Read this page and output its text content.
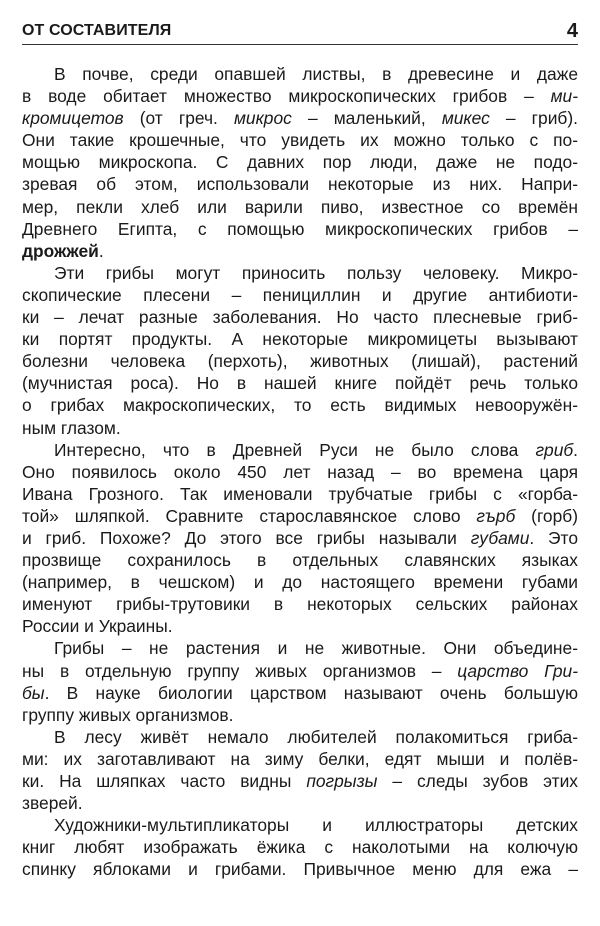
ОТ СОСТАВИТЕЛЯ	4
В почве, среди опавшей листвы, в древесине и даже
в воде обитает множество микроскопических грибов – ми-
кромицетов (от греч. микрос – маленький, микес – гриб).
Они такие крошечные, что увидеть их можно только с по-
мощью микроскопа. С давних пор люди, даже не подо-
зревая об этом, использовали некоторые из них. Напри-
мер, пекли хлеб или варили пиво, известное со времён
Древнего Египта, с помощью микроскопических грибов –
дрожжей.
Эти грибы могут приносить пользу человеку. Микро-
скопические плесени – пенициллин и другие антибиоти-
ки – лечат разные заболевания. Но часто плесневые гриб-
ки портят продукты. А некоторые микромицеты вызывают
болезни человека (перхоть), животных (лишай), растений
(мучнистая роса). Но в нашей книге пойдёт речь только
о грибах макроскопических, то есть видимых невооружён-
ным глазом.
Интересно, что в Древней Руси не было слова гриб.
Оно появилось около 450 лет назад – во времена царя
Ивана Грозного. Так именовали трубчатые грибы с «горба-
той» шляпкой. Сравните старославянское слово гърб (горб)
и гриб. Похоже? До этого все грибы называли губами. Это
прозвище сохранилось в отдельных славянских языках
(например, в чешском) и до настоящего времени губами
именуют грибы-трутовики в некоторых сельских районах
России и Украины.
Грибы – не растения и не животные. Они объедине-
ны в отдельную группу живых организмов – царство Гри-
бы. В науке биологии царством называют очень большую
группу живых организмов.
В лесу живёт немало любителей полакомиться гриба-
ми: их заготавливают на зиму белки, едят мыши и полёв-
ки. На шляпках часто видны погрызы – следы зубов этих
зверей.
Художники-мультипликаторы и иллюстраторы детских
книг любят изображать ёжика с наколотыми на колючую
спинку яблоками и грибами. Привычное меню для ежа –
